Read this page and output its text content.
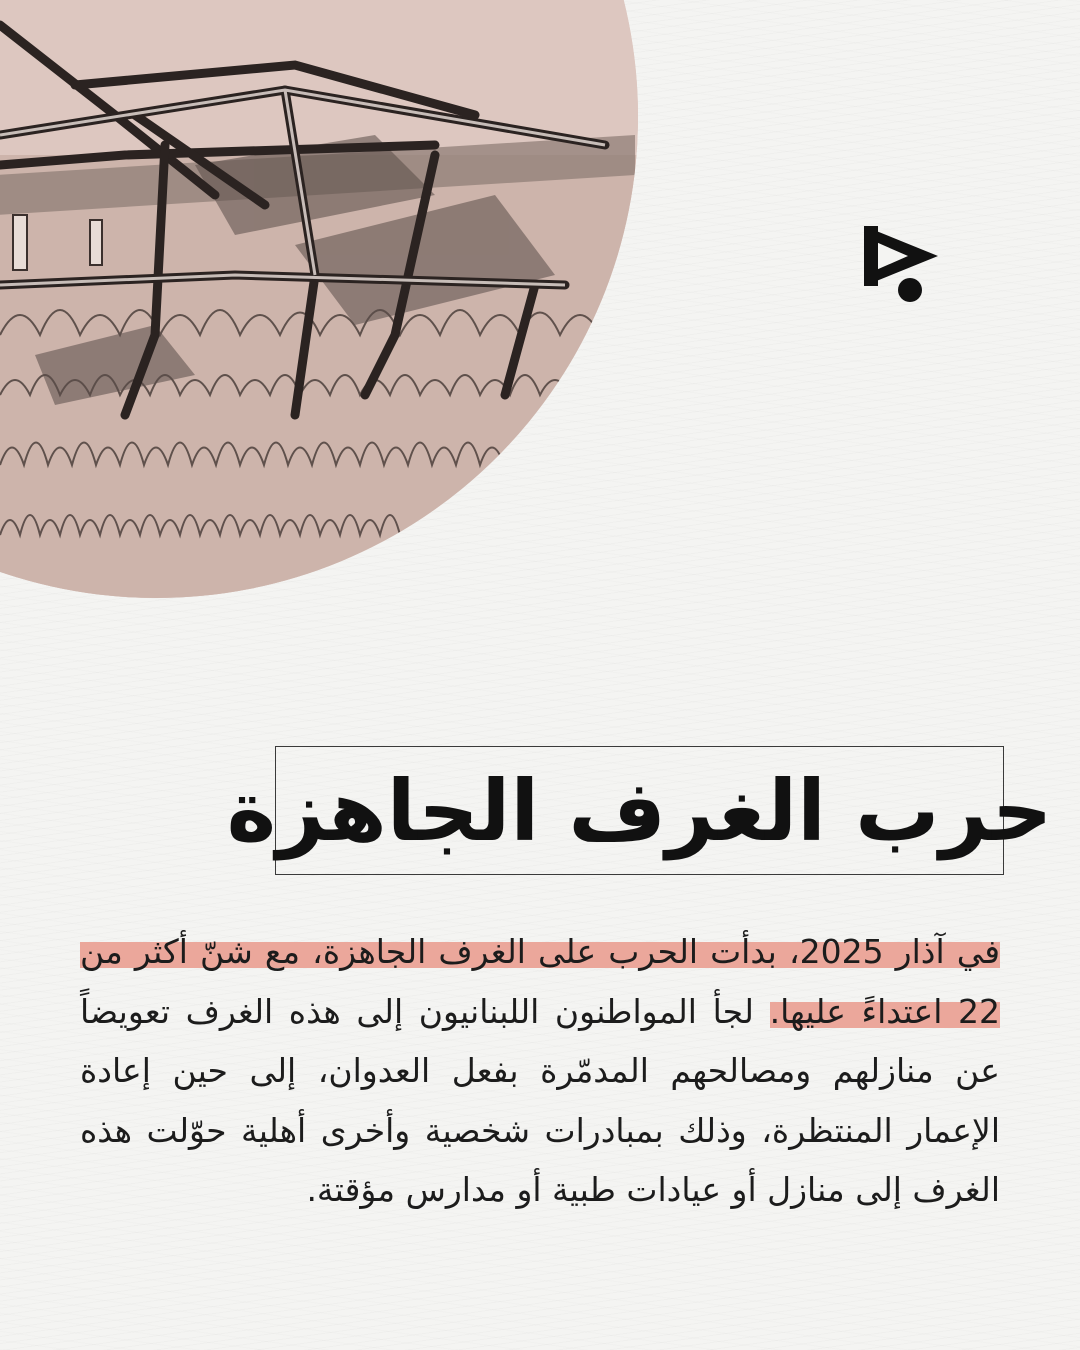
حرب الغرف الجاهزة
في آذار 2025، بدأت الحرب على الغرف الجاهزة، مع شنّ أكثر من 22 اعتداءً عليها. لجأ المواطنون اللبنانيون إلى هذه الغرف تعويضاً عن منازلهم ومصالحهم المدمّرة بفعل العدوان، إلى حين إعادة الإعمار المنتظرة، وذلك بمبادرات شخصية وأخرى أهلية حوّلت هذه الغرف إلى منازل أو عيادات طبية أو مدارس مؤقتة.
